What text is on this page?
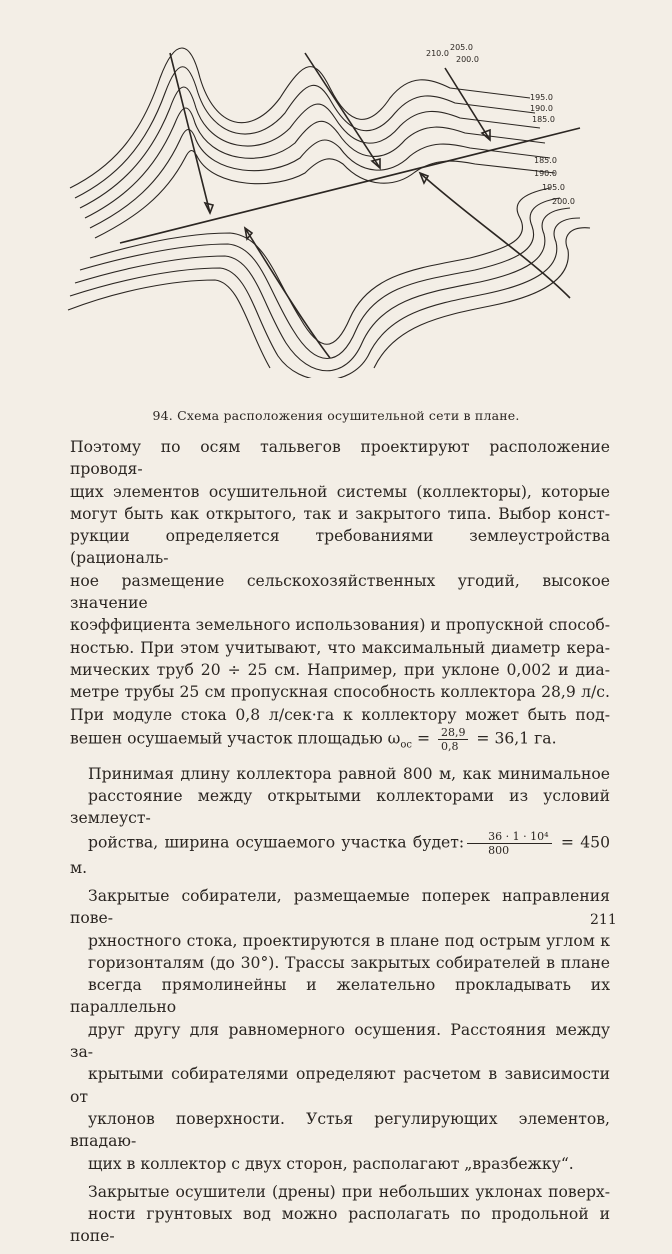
210.0
205.0
200.0
195.0
190.0
185.0
185.0
190.0
195.0
200.0
94. Схема расположения осушительной сети в плане.

Поэтому по осям тальвегов проектируют расположение проводя-
щих элементов осушительной системы (коллекторы), которые
могут быть как открытого, так и закрытого типа. Выбор конст-
рукции определяется требованиями землеустройства (рациональ-
ное размещение сельскохозяйственных угодий, высокое значение
коэффициента земельного использования) и пропускной способ-
ностью. При этом учитывают, что максимальный диаметр кера-
мических труб 20 ÷ 25 см. Например, при уклоне 0,002 и диа-
метре трубы 25 см пропускная способность коллектора 28,9 л/с.
При модуле стока 0,8 л/сек·га к коллектору может быть под-
вешен осушаемый участок площадью $\omega_{ос} = \frac{28,9}{0,8} = 36,1$ га.

Принимая длину коллектора равной 800 м, как минимальное
расстояние между открытыми коллекторами из условий землеуст-
ройства, ширина осушаемого участка будет: $\frac{\text{36 · 1 · 10⁴}}{800} = 450$ м.

Закрытые собиратели, размещаемые поперек направления пове-
рхностного стока, проектируются в плане под острым углом к
горизонталям (до 30°). Трассы закрытых собирателей в плане
всегда прямолинейны и желательно прокладывать их параллельно
друг другу для равномерного осушения. Расстояния между за-
крытыми собирателями определяют расчетом в зависимости от
уклонов поверхности. Устья регулирующих элементов, впадаю-
щих в коллектор с двух сторон, располагают „вразбежку“.

Закрытые осушители (дрены) при небольших уклонах поверх-
ности грунтовых вод можно располагать по продольной и попе-

211
